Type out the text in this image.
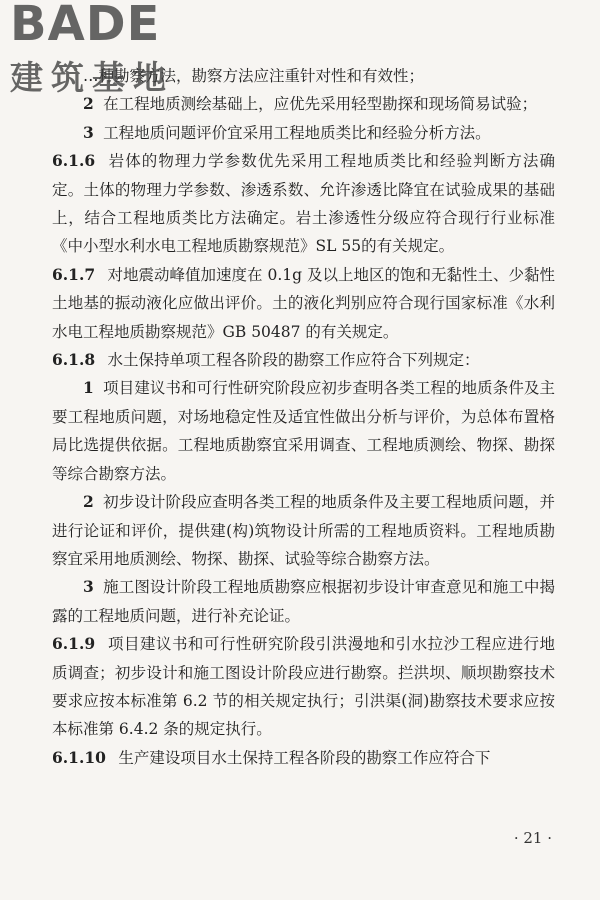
BADE
建筑基地

…种勘察方法，勘察方法应注重针对性和有效性；

2 在工程地质测绘基础上，应优先采用轻型勘探和现场简易试验；

3 工程地质问题评价宜采用工程地质类比和经验分析方法。

6.1.6 岩体的物理力学参数优先采用工程地质类比和经验判断方法确定。土体的物理力学参数、渗透系数、允许渗透比降宜在试验成果的基础上，结合工程地质类比方法确定。岩土渗透性分级应符合现行行业标准《中小型水利水电工程地质勘察规范》SL 55的有关规定。

6.1.7 对地震动峰值加速度在 0.1g 及以上地区的饱和无黏性土、少黏性土地基的振动液化应做出评价。土的液化判别应符合现行国家标准《水利水电工程地质勘察规范》GB 50487 的有关规定。

6.1.8 水土保持单项工程各阶段的勘察工作应符合下列规定：

1 项目建议书和可行性研究阶段应初步查明各类工程的地质条件及主要工程地质问题，对场地稳定性及适宜性做出分析与评价，为总体布置格局比选提供依据。工程地质勘察宜采用调查、工程地质测绘、物探、勘探等综合勘察方法。

2 初步设计阶段应查明各类工程的地质条件及主要工程地质问题，并进行论证和评价，提供建(构)筑物设计所需的工程地质资料。工程地质勘察宜采用地质测绘、物探、勘探、试验等综合勘察方法。

3 施工图设计阶段工程地质勘察应根据初步设计审查意见和施工中揭露的工程地质问题，进行补充论证。

6.1.9 项目建议书和可行性研究阶段引洪漫地和引水拉沙工程应进行地质调查；初步设计和施工图设计阶段应进行勘察。拦洪坝、顺坝勘察技术要求应按本标准第 6.2 节的相关规定执行；引洪渠(洞)勘察技术要求应按本标准第 6.4.2 条的规定执行。

6.1.10 生产建设项目水土保持工程各阶段的勘察工作应符合下

· 21 ·
